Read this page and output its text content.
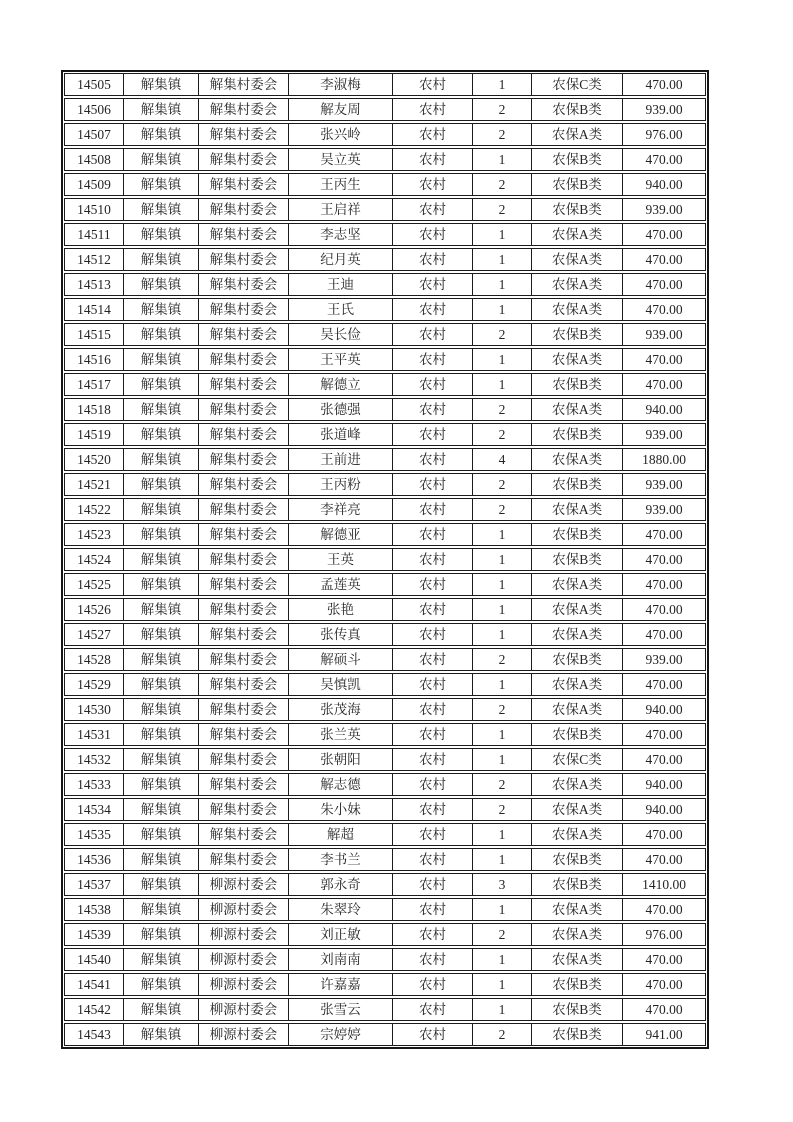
14505	解集镇	解集村委会	李淑梅	农村	1	农保C类	470.00
14506	解集镇	解集村委会	解友周	农村	2	农保B类	939.00
14507	解集镇	解集村委会	张兴岭	农村	2	农保A类	976.00
14508	解集镇	解集村委会	吴立英	农村	1	农保B类	470.00
14509	解集镇	解集村委会	王丙生	农村	2	农保B类	940.00
14510	解集镇	解集村委会	王启祥	农村	2	农保B类	939.00
14511	解集镇	解集村委会	李志坚	农村	1	农保A类	470.00
14512	解集镇	解集村委会	纪月英	农村	1	农保A类	470.00
14513	解集镇	解集村委会	王迪	农村	1	农保A类	470.00
14514	解集镇	解集村委会	王氏	农村	1	农保A类	470.00
14515	解集镇	解集村委会	吴长俭	农村	2	农保B类	939.00
14516	解集镇	解集村委会	王平英	农村	1	农保A类	470.00
14517	解集镇	解集村委会	解德立	农村	1	农保B类	470.00
14518	解集镇	解集村委会	张德强	农村	2	农保A类	940.00
14519	解集镇	解集村委会	张道峰	农村	2	农保B类	939.00
14520	解集镇	解集村委会	王前进	农村	4	农保A类	1880.00
14521	解集镇	解集村委会	王丙粉	农村	2	农保B类	939.00
14522	解集镇	解集村委会	李祥亮	农村	2	农保A类	939.00
14523	解集镇	解集村委会	解德亚	农村	1	农保B类	470.00
14524	解集镇	解集村委会	王英	农村	1	农保B类	470.00
14525	解集镇	解集村委会	孟莲英	农村	1	农保A类	470.00
14526	解集镇	解集村委会	张艳	农村	1	农保A类	470.00
14527	解集镇	解集村委会	张传真	农村	1	农保A类	470.00
14528	解集镇	解集村委会	解硕斗	农村	2	农保B类	939.00
14529	解集镇	解集村委会	吴慎凯	农村	1	农保A类	470.00
14530	解集镇	解集村委会	张茂海	农村	2	农保A类	940.00
14531	解集镇	解集村委会	张兰英	农村	1	农保B类	470.00
14532	解集镇	解集村委会	张朝阳	农村	1	农保C类	470.00
14533	解集镇	解集村委会	解志德	农村	2	农保A类	940.00
14534	解集镇	解集村委会	朱小妹	农村	2	农保A类	940.00
14535	解集镇	解集村委会	解超	农村	1	农保A类	470.00
14536	解集镇	解集村委会	李书兰	农村	1	农保B类	470.00
14537	解集镇	柳源村委会	郭永奇	农村	3	农保B类	1410.00
14538	解集镇	柳源村委会	朱翠玲	农村	1	农保A类	470.00
14539	解集镇	柳源村委会	刘正敏	农村	2	农保A类	976.00
14540	解集镇	柳源村委会	刘南南	农村	1	农保A类	470.00
14541	解集镇	柳源村委会	许嘉嘉	农村	1	农保B类	470.00
14542	解集镇	柳源村委会	张雪云	农村	1	农保B类	470.00
14543	解集镇	柳源村委会	宗婷婷	农村	2	农保B类	941.00
